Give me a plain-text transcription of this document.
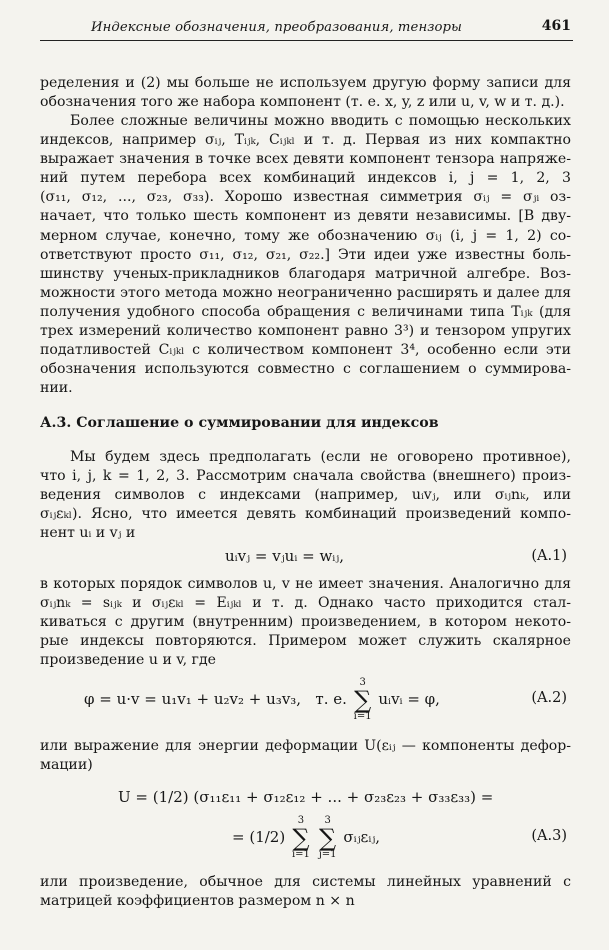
Индексные обозначения, преобразования, тензоры	461
ределения и (2) мы больше не используем другую форму записи для
обозначения того же набора компонент (т. е. x, y, z или u, v, w и т. д.).
Более сложные величины можно вводить с помощью нескольких
индексов, например σᵢⱼ, Tᵢⱼₖ, Cᵢⱼₖₗ и т. д. Первая из них компактно
выражает значения в точке всех девяти компонент тензора напряже-
ний путем перебора всех комбинаций индексов i, j = 1, 2, 3
(σ₁₁, σ₁₂, ..., σ₂₃, σ₃₃). Хорошо известная симметрия σᵢⱼ = σⱼᵢ оз-
начает, что только шесть компонент из девяти независимы. [В дву-
мерном случае, конечно, тому же обозначению σᵢⱼ (i, j = 1, 2) со-
ответствуют просто σ₁₁, σ₁₂, σ₂₁, σ₂₂.] Эти идеи уже известны боль-
шинству ученых-прикладников благодаря матричной алгебре. Воз-
можности этого метода можно неограниченно расширять и далее для
получения удобного способа обращения с величинами типа Tᵢⱼₖ (для
трех измерений количество компонент равно 3³) и тензором упругих
податливостей Cᵢⱼₖₗ с количеством компонент 3⁴, особенно если эти
обозначения используются совместно с соглашением о суммирова-
нии.
А.3. Соглашение о суммировании для индексов
Мы будем здесь предполагать (если не оговорено противное),
что i, j, k = 1, 2, 3. Рассмотрим сначала свойства (внешнего) произ-
ведения символов с индексами (например, uᵢvⱼ, или σᵢⱼnₖ, или
σᵢⱼεₖₗ). Ясно, что имеется девять комбинаций произведений компо-
нент uᵢ и vⱼ и
uᵢvⱼ = vⱼuᵢ = wᵢⱼ,	(A.1)
в которых порядок символов u, v не имеет значения. Аналогично для
σᵢⱼnₖ = sᵢⱼₖ и σᵢⱼεₖₗ = Eᵢⱼₖₗ и т. д. Однако часто приходится стал-
киваться с другим (внутренним) произведением, в котором некото-
рые индексы повторяются. Примером может служить скалярное
произведение u и v, где
φ = u·v = u₁v₁ + u₂v₂ + u₃v₃, т. е. 3
∑
i=1 uᵢvᵢ = φ,	(A.2)
или выражение для энергии деформации U(εᵢⱼ — компоненты дефор-
мации)
U = (1/2) (σ₁₁ε₁₁ + σ₁₂ε₁₂ + ... + σ₂₃ε₂₃ + σ₃₃ε₃₃) =
= (1/2) 3
∑
i=1 3
∑
j=1 σᵢⱼεᵢⱼ,	(A.3)
или произведение, обычное для системы линейных уравнений с
матрицей коэффициентов размером n × n
